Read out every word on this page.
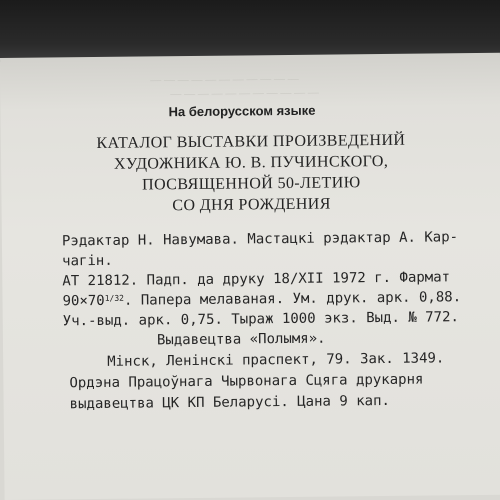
— — — — — — — — — — —
— — — — — — — — — — —
На белорусском языке
КАТАЛОГ ВЫСТАВКИ ПРОИЗВЕДЕНИЙ
ХУДОЖНИКА Ю. В. ПУЧИНСКОГО,
ПОСВЯЩЕННОЙ 50-ЛЕТИЮ
СО ДНЯ РОЖДЕНИЯ
Рэдактар Н. Навумава. Мастацкі рэдактар А. Кар-
чагін.
АТ 21812. Падп. да друку 18/XII 1972 г. Фармат
$90\times 70^{1/32}$. Папера мелаваная. Ум. друк. арк. 0,88.
Уч.-выд. арк. 0,75. Тыраж 1000 экз. Выд. № 772.
Выдавецтва «Полымя».
Мінск, Ленінскі праспект, 79. Зак. 1349.
Ордэна Працоўнага Чырвонага Сцяга друкарня
выдавецтва ЦК КП Беларусі. Цана 9 кап.
